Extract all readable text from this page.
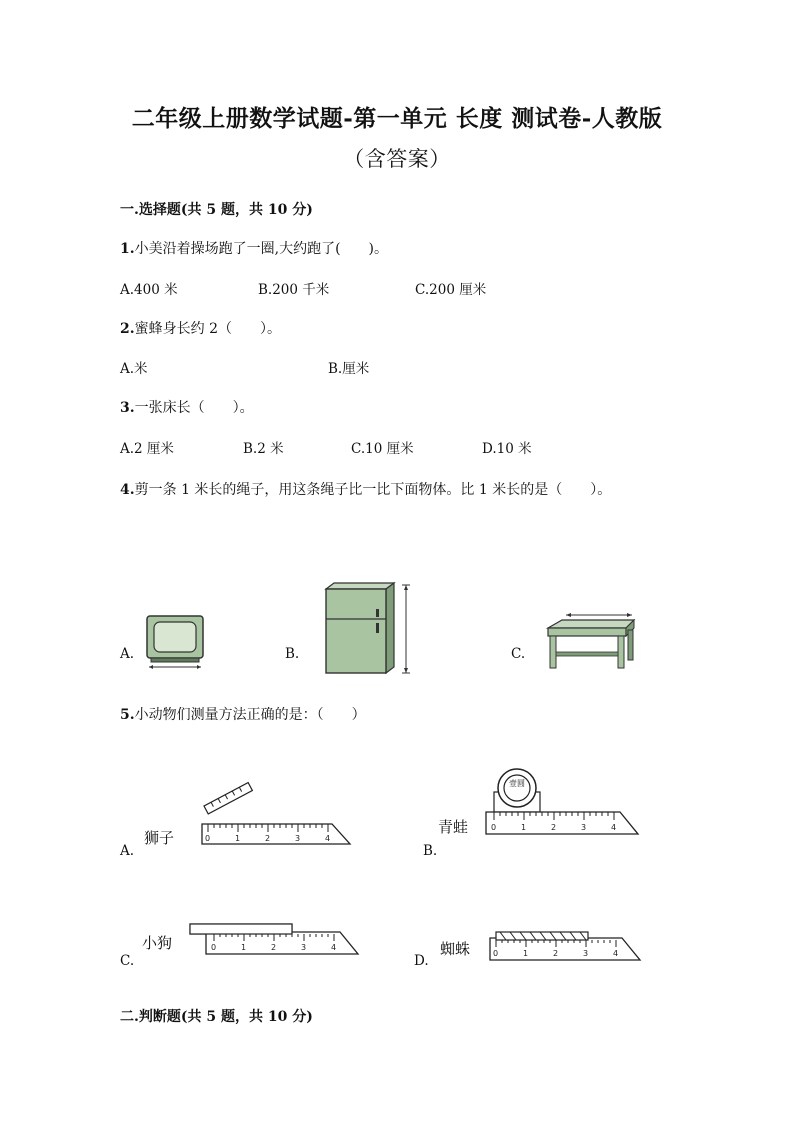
二年级上册数学试题-第一单元 长度 测试卷-人教版
（含答案）
一.选择题(共 5 题，共 10 分)
1.小美沿着操场跑了一圈,大约跑了(　　)。
A.400 米	B.200 千米	C.200 厘米
2.蜜蜂身长约 2（　　）。
A.米	B.厘米
3.一张床长（　　）。
A.2 厘米	B.2 米	C.10 厘米	D.10 米
4.剪一条 1 米长的绳子，用这条绳子比一比下面物体。比 1 米长的是（　　）。
A.	B.	C.
5.小动物们测量方法正确的是：（　　）
A.
狮子	0	1	2	3	4
B.
青蛙
壹圆
0	1	2	3	4
C.
小狗	0	1	2	3	4
D.
蜘蛛	0	1	2	3	4
二.判断题(共 5 题，共 10 分)
